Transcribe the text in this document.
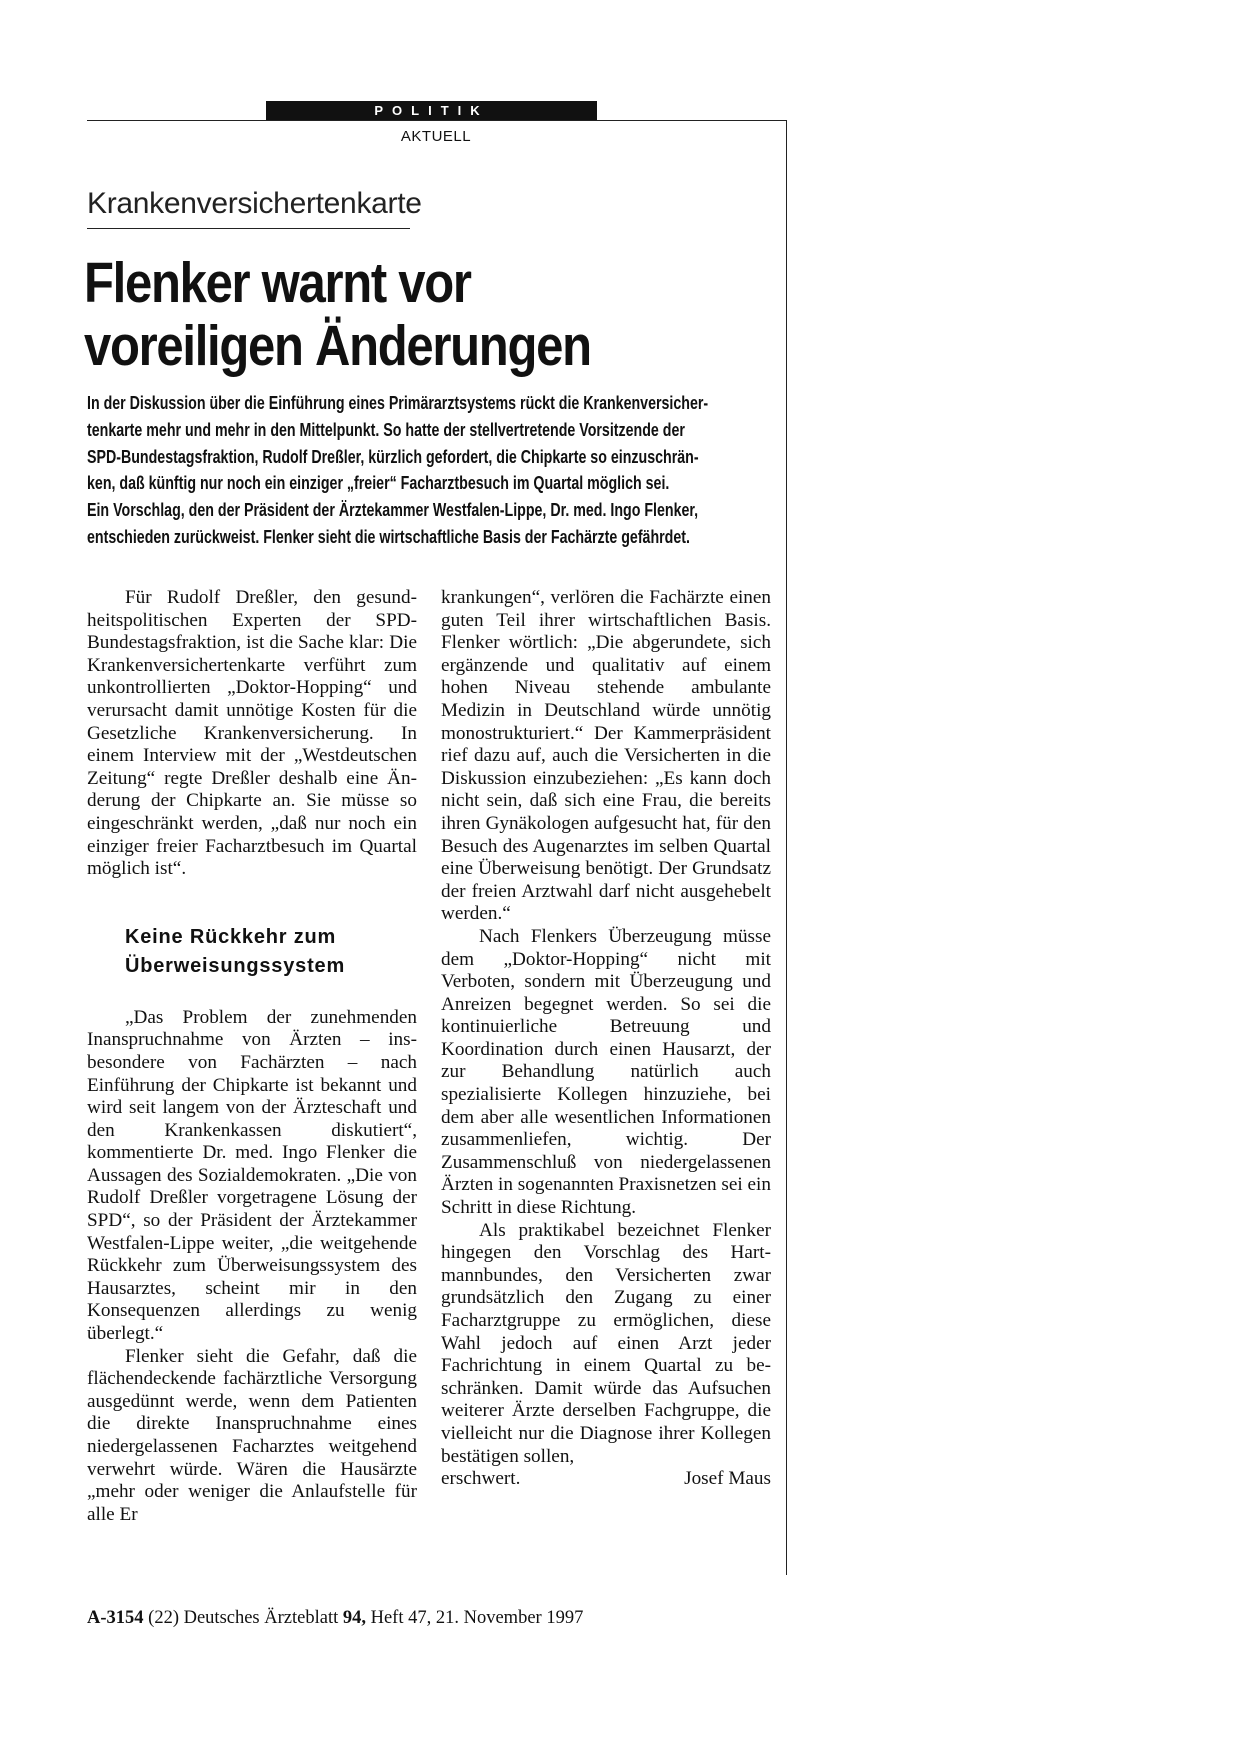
POLITIK
AKTUELL
Krankenversichertenkarte
Flenker warnt vor
voreiligen Änderungen
In der Diskussion über die Einführung eines Primärarztsystems rückt die Krankenversicher-
tenkarte mehr und mehr in den Mittelpunkt. So hatte der stellvertretende Vorsitzende der
SPD-Bundestagsfraktion, Rudolf Dreßler, kürzlich gefordert, die Chipkarte so einzuschrän-
ken, daß künftig nur noch ein einziger „freier“ Facharztbesuch im Quartal möglich sei.
Ein Vorschlag, den der Präsident der Ärztekammer Westfalen-Lippe, Dr. med. Ingo Flenker,
entschieden zurückweist. Flenker sieht die wirtschaftliche Basis der Fachärzte gefährdet.

Für Rudolf Dreßler, den gesundheitspolitischen Experten der SPD-Bundestagsfraktion, ist die Sache klar: Die Krankenversichertenkarte verführt zum unkontrollierten „Doktor-Hopping“ und verursacht damit unnötige Kosten für die Gesetzliche Krankenversicherung. In einem Interview mit der „Westdeutschen Zeitung“ regte Dreßler deshalb eine Änderung der Chipkarte an. Sie müsse so eingeschränkt werden, „daß nur noch ein einziger freier Facharztbesuch im Quartal möglich ist“.

Keine Rückkehr zum
Überweisungssystem

„Das Problem der zunehmenden Inanspruchnahme von Ärzten – insbesondere von Fachärzten – nach Einführung der Chipkarte ist bekannt und wird seit langem von der Ärzteschaft und den Krankenkassen diskutiert“, kommentierte Dr. med. Ingo Flenker die Aussagen des Sozialdemokraten. „Die von Rudolf Dreßler vorgetragene Lösung der SPD“, so der Präsident der Ärztekammer Westfalen-Lippe weiter, „die weitgehende Rückkehr zum Überweisungssystem des Hausarztes, scheint mir in den Konsequenzen allerdings zu wenig überlegt.“

Flenker sieht die Gefahr, daß die flächendeckende fachärztliche Versorgung ausgedünnt werde, wenn dem Patienten die direkte Inanspruchnahme eines niedergelassenen Facharztes weitgehend verwehrt würde. Wären die Hausärzte „mehr oder weniger die Anlaufstelle für alle Er

krankungen“, verlören die Fachärzte einen guten Teil ihrer wirtschaftlichen Basis. Flenker wörtlich: „Die abgerundete, sich ergänzende und qualitativ auf einem hohen Niveau stehende ambulante Medizin in Deutschland würde unnötig monostrukturiert.“ Der Kammerpräsident rief dazu auf, auch die Versicherten in die Diskussion einzubeziehen: „Es kann doch nicht sein, daß sich eine Frau, die bereits ihren Gynäkologen aufgesucht hat, für den Besuch des Augenarztes im selben Quartal eine Überweisung benötigt. Der Grundsatz der freien Arztwahl darf nicht ausgehebelt werden.“

Nach Flenkers Überzeugung müsse dem „Doktor-Hopping“ nicht mit Verboten, sondern mit Überzeugung und Anreizen begegnet werden. So sei die kontinuierliche Betreuung und Koordination durch einen Hausarzt, der zur Behandlung natürlich auch spezialisierte Kollegen hinzuziehe, bei dem aber alle wesentlichen Informationen zusammenliefen, wichtig. Der Zusammenschluß von niedergelassenen Ärzten in sogenannten Praxisnetzen sei ein Schritt in diese Richtung.

Als praktikabel bezeichnet Flenker hingegen den Vorschlag des Hartmannbundes, den Versicherten zwar grundsätzlich den Zugang zu einer Facharztgruppe zu ermöglichen, diese Wahl jedoch auf einen Arzt jeder Fachrichtung in einem Quartal zu beschränken. Damit würde das Aufsuchen weiterer Ärzte derselben Fachgruppe, die vielleicht nur die Diagnose ihrer Kollegen bestätigen sollen,

erschwert.	Josef Maus
A-3154 (22) Deutsches Ärzteblatt 94, Heft 47, 21. November 1997
